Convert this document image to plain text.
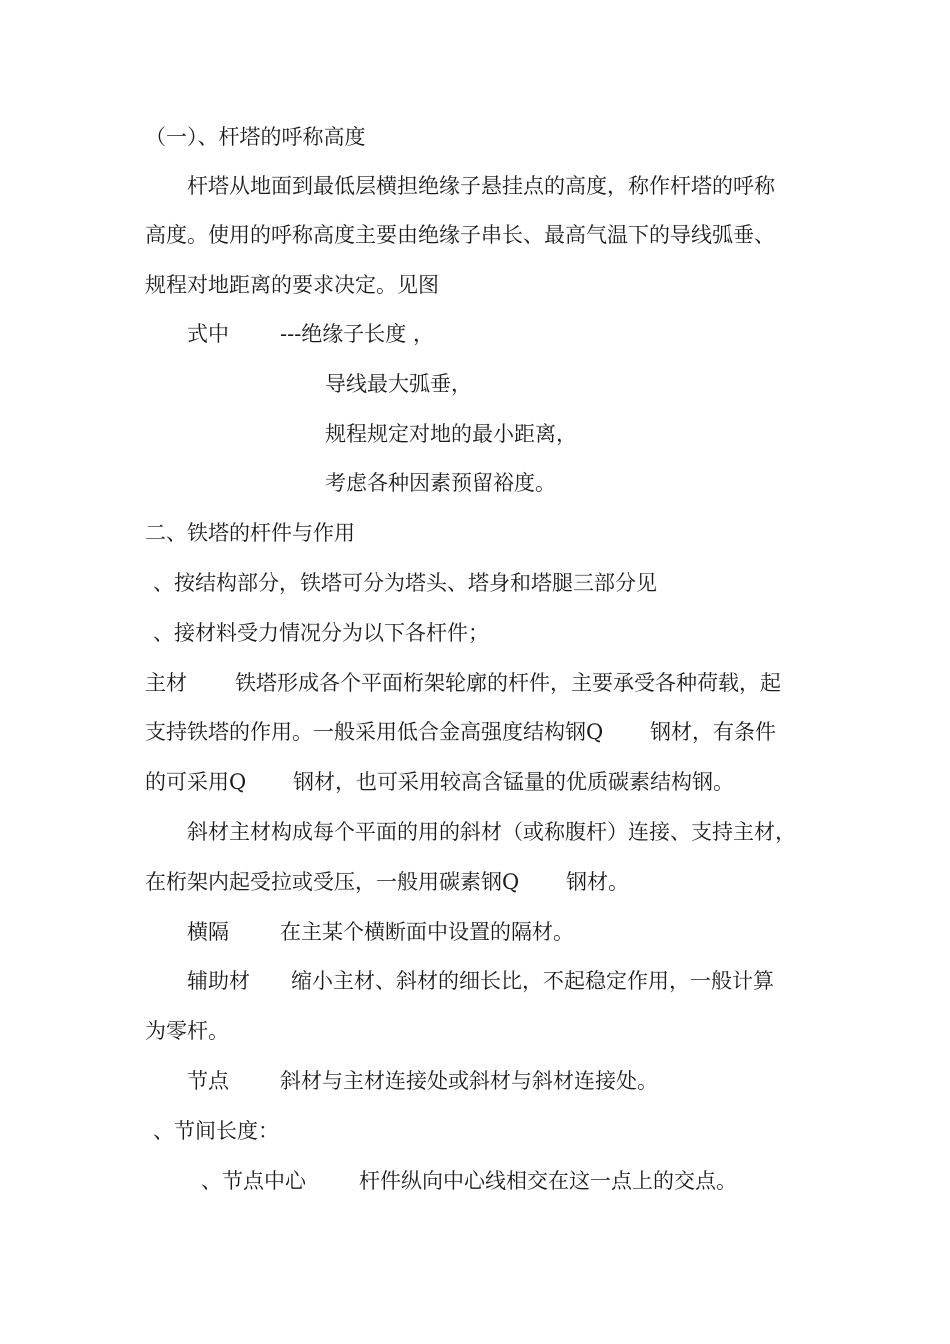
（一）、杆塔的呼称高度

杆塔从地面到最低层横担绝缘子悬挂点的高度，称作杆塔的呼称

高度。使用的呼称高度主要由绝缘子串长、最高气温下的导线弧垂、

规程对地距离的要求决定。见图

式中 ---绝缘子长度 ，

导线最大弧垂，

规程规定对地的最小距离，

考虑各种因素预留裕度。

二、铁塔的杆件与作用

、按结构部分，铁塔可分为塔头、塔身和塔腿三部分见

、接材料受力情况分为以下各杆件；

主材 铁塔形成各个平面桁架轮廓的杆件，主要承受各种荷载，起

支持铁塔的作用。一般采用低合金高强度结构钢Q       钢材，有条件

的可采用Q       钢材，也可采用较高含锰量的优质碳素结构钢。

斜材主材构成每个平面的用的斜材（或称腹杆）连接、支持主材，

在桁架内起受拉或受压，一般用碳素钢Q       钢材。

横隔 在主某个横断面中设置的隔材。

辅助材 缩小主材、斜材的细长比，不起稳定作用，一般计算

为零杆。

节点 斜材与主材连接处或斜材与斜材连接处。

、节间长度：

、节点中心	杆件纵向中心线相交在这一点上的交点。
